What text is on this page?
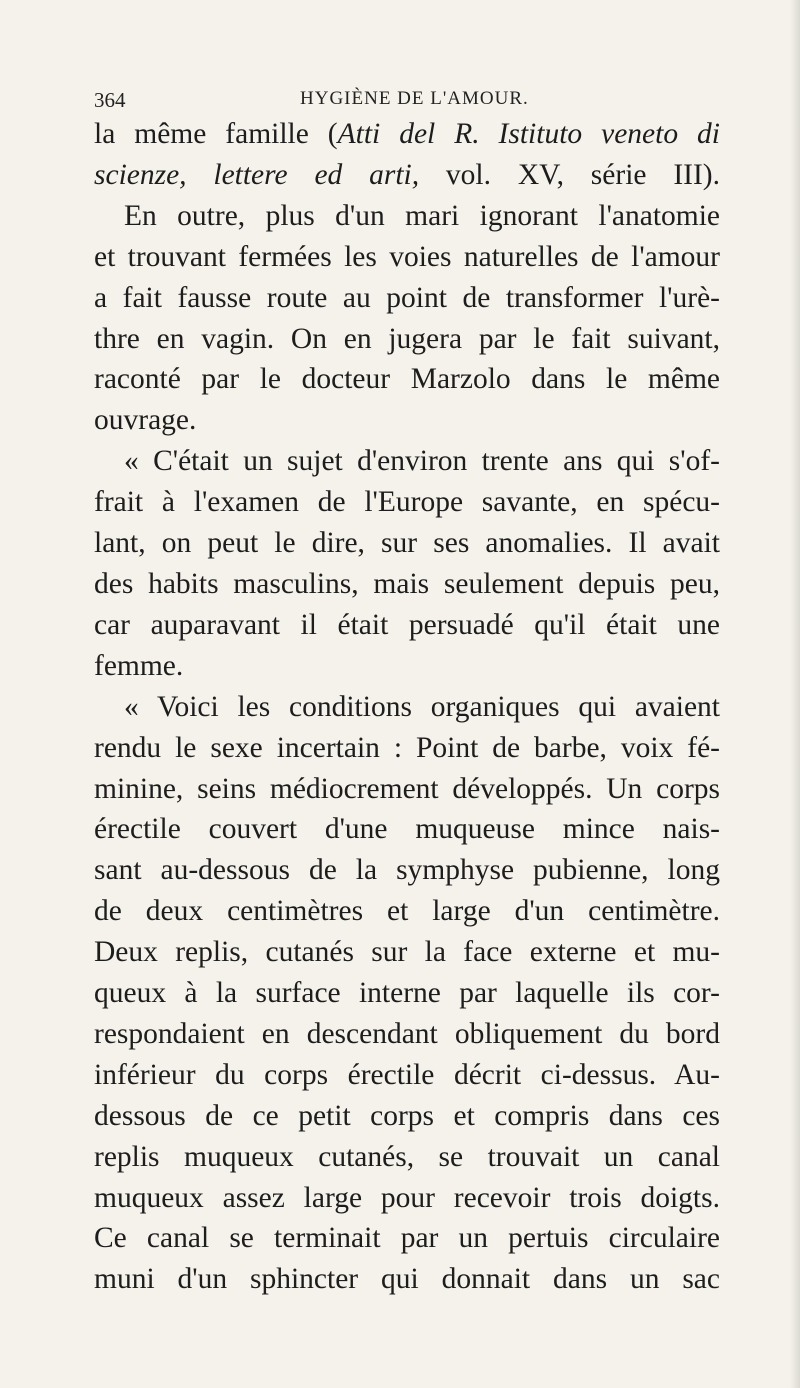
364	HYGIÈNE DE L'AMOUR.
la même famille (Atti del R. Istituto veneto di
scienze, lettere ed arti, vol. XV, série III).
En outre, plus d'un mari ignorant l'anatomie
et trouvant fermées les voies naturelles de l'amour
a fait fausse route au point de transformer l'urè-
thre en vagin. On en jugera par le fait suivant,
raconté par le docteur Marzolo dans le même
ouvrage.
« C'était un sujet d'environ trente ans qui s'of-
frait à l'examen de l'Europe savante, en spécu-
lant, on peut le dire, sur ses anomalies. Il avait
des habits masculins, mais seulement depuis peu,
car auparavant il était persuadé qu'il était une
femme.
« Voici les conditions organiques qui avaient
rendu le sexe incertain : Point de barbe, voix fé-
minine, seins médiocrement développés. Un corps
érectile couvert d'une muqueuse mince nais-
sant au-dessous de la symphyse pubienne, long
de deux centimètres et large d'un centimètre.
Deux replis, cutanés sur la face externe et mu-
queux à la surface interne par laquelle ils cor-
respondaient en descendant obliquement du bord
inférieur du corps érectile décrit ci-dessus. Au-
dessous de ce petit corps et compris dans ces
replis muqueux cutanés, se trouvait un canal
muqueux assez large pour recevoir trois doigts.
Ce canal se terminait par un pertuis circulaire
muni d'un sphincter qui donnait dans un sac
